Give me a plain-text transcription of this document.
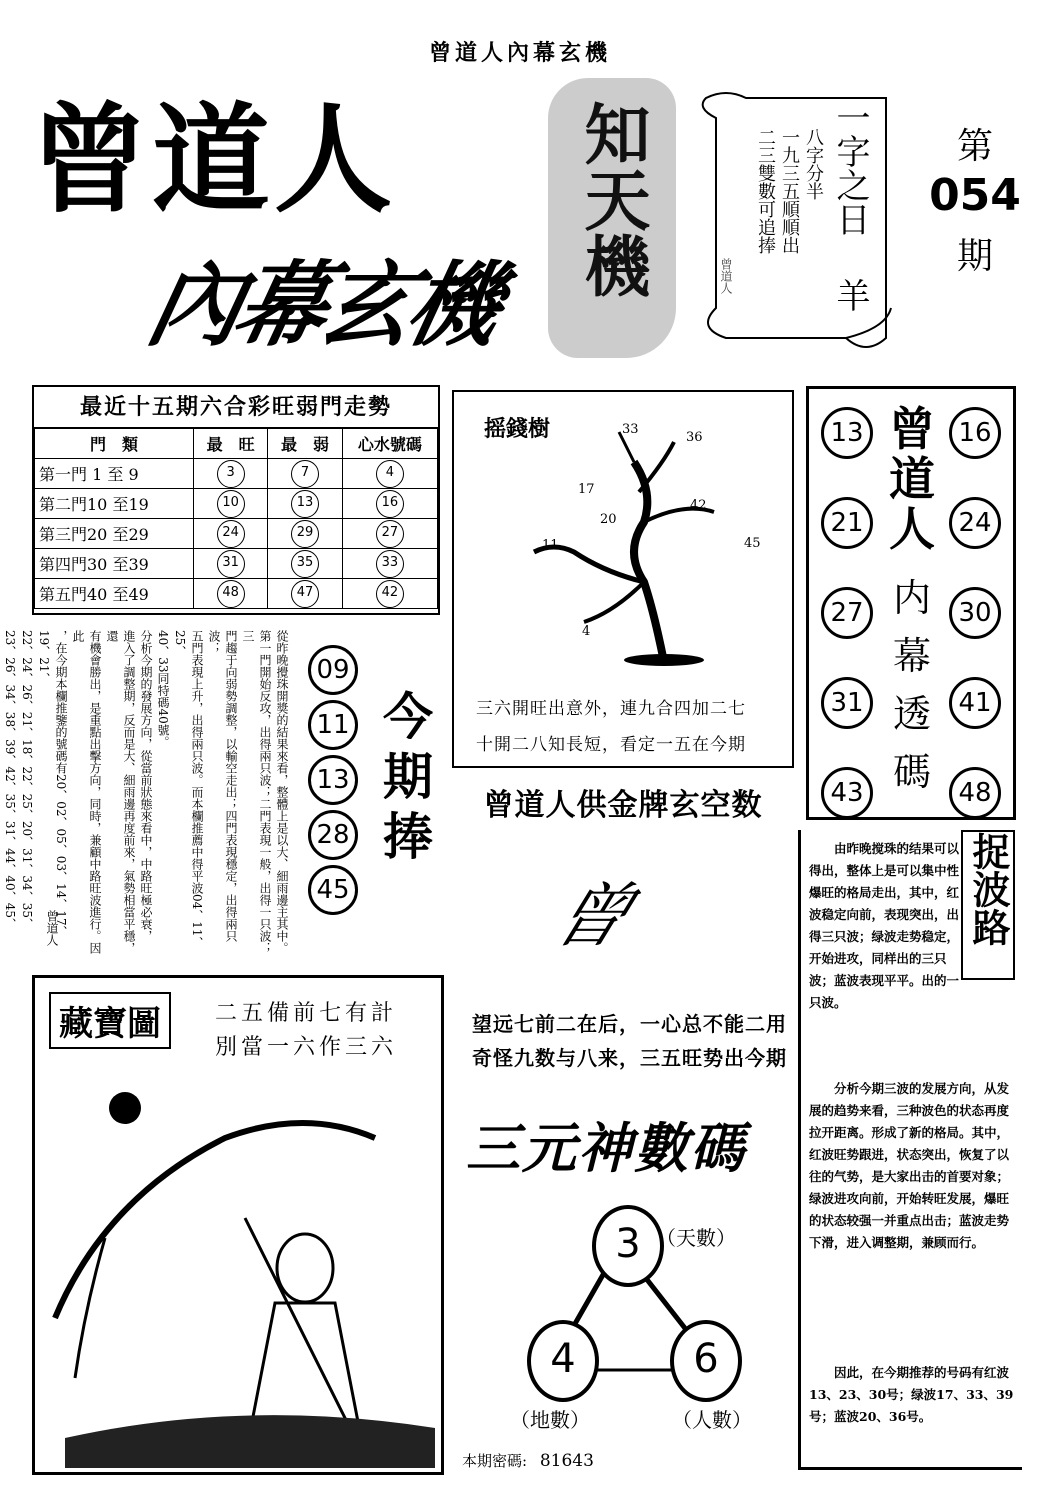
曾道人內幕玄機
曾道人
內幕玄機
知天機	一字之日
羊
八字分半
一九三五順順出
二三雙數可追捧
曾道人
第
054
期
最近十五期六合彩旺弱門走勢
門　類	最　旺	最　弱	心水號碼
第一門 1 至 9	3	7	4
第二門10 至19	10	13	16
第三門20 至29	24	29	27
第四門30 至39	31	35	33
第五門40 至49	48	47	42
摇錢樹	33
36
17
20
42
45
11
4
三六開旺出意外，連九合四加二七
十開二八知長短，看定一五在今期
13	16
21	24
27	30
31	41
43	48
曾
道
人
内
幕
透
碼
從昨晚攪珠開獎的結果來看，整體上是以大、細雨邊主其中。
第一門開始反攻，出得兩只波；二門表現一般，出得一只波；三
門趨于向弱勢調整，以輸空走出；四門表現穩定，出得兩只波；
五門表現上升，出得兩只波。而本欄推薦中得平波04、11、25、
40、33同特碼40號。
分析今期的發展方向，從當前狀態來看中，中路旺極必衰，
進入了調整期，反而是大、細雨邊再度前來，氣勢相當平穩，還
有機會勝出，是重點出擊方向，同時，兼顧中路旺波進行。因此
，在今期本欄推鑒的號碼有20、02、05、03、14、17、19、21、
22、24、26、21、18、22、25、20、31、34、35、
23、26、34、38、39、42、35、31、44、40、45、 曾道人
09
11
13
28
45
今期捧	曾道人供金牌玄空数
曾
望远七前二在后，一心总不能二用
奇怪九数与八来，三五旺势出今期
藏寶圖	二五備前七有計
別當一六作三六
三元神數碼
3 （天數）
4
（地數）
6
（人數）
本期密碼: 81643
捉波路
由昨晚搅珠的结果可以得出，整体上是可以集中性爆旺的格局走出，其中，红波稳定向前，表现突出，出得三只波；绿波走势稳定，开始进攻，同样出的三只波；蓝波表现平平。出的一只波。
分析今期三波的发展方向，从发展的趋势来看，三种波色的状态再度拉开距离。形成了新的格局。其中，红波旺势跟进，状态突出，恢复了以往的气势，是大家出击的首要对象；绿波进攻向前，开始转旺发展，爆旺的状态较强一并重点出击；蓝波走势下滑，进入调整期，兼顾而行。
因此，在今期推荐的号码有红波13、23、30号；绿波17、33、39号；蓝波20、36号。
